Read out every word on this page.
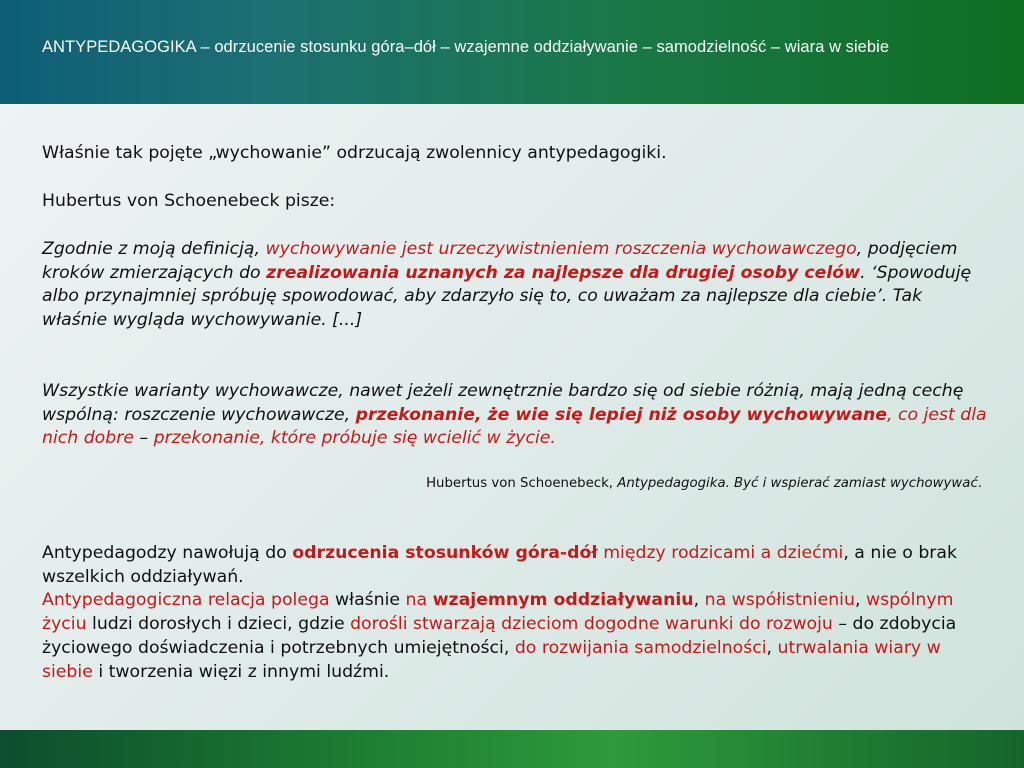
ANTYPEDAGOGIKA – odrzucenie stosunku góra–dół – wzajemne oddziaływanie – samodzielność – wiara w siebie

Właśnie tak pojęte „wychowanie” odrzucają zwolennicy antypedagogiki.

Hubertus von Schoenebeck pisze:

Zgodnie z moją definicją, wychowywanie jest urzeczywistnieniem roszczenia wychowawczego, podjęciem kroków zmierzających do zrealizowania uznanych za najlepsze dla drugiej osoby celów. ‘Spowoduję albo przynajmniej spróbuję spowodować, aby zdarzyło się to, co uważam za najlepsze dla ciebie’. Tak właśnie wygląda wychowywanie. [...]

Wszystkie warianty wychowawcze, nawet jeżeli zewnętrznie bardzo się od siebie różnią, mają jedną cechę wspólną: roszczenie wychowawcze, przekonanie, że wie się lepiej niż osoby wychowywane, co jest dla nich dobre – przekonanie, które próbuje się wcielić w życie.

Hubertus von Schoenebeck, Antypedagogika. Być i wspierać zamiast wychowywać.

Antypedagodzy nawołują do odrzucenia stosunków góra-dół między rodzicami a dziećmi, a nie o brak wszelkich oddziaływań.
Antypedagogiczna relacja polega właśnie na wzajemnym oddziaływaniu, na współistnieniu, wspólnym życiu ludzi dorosłych i dzieci, gdzie dorośli stwarzają dzieciom dogodne warunki do rozwoju – do zdobycia życiowego doświadczenia i potrzebnych umiejętności, do rozwijania samodzielności, utrwalania wiary w siebie i tworzenia więzi z innymi ludźmi.
